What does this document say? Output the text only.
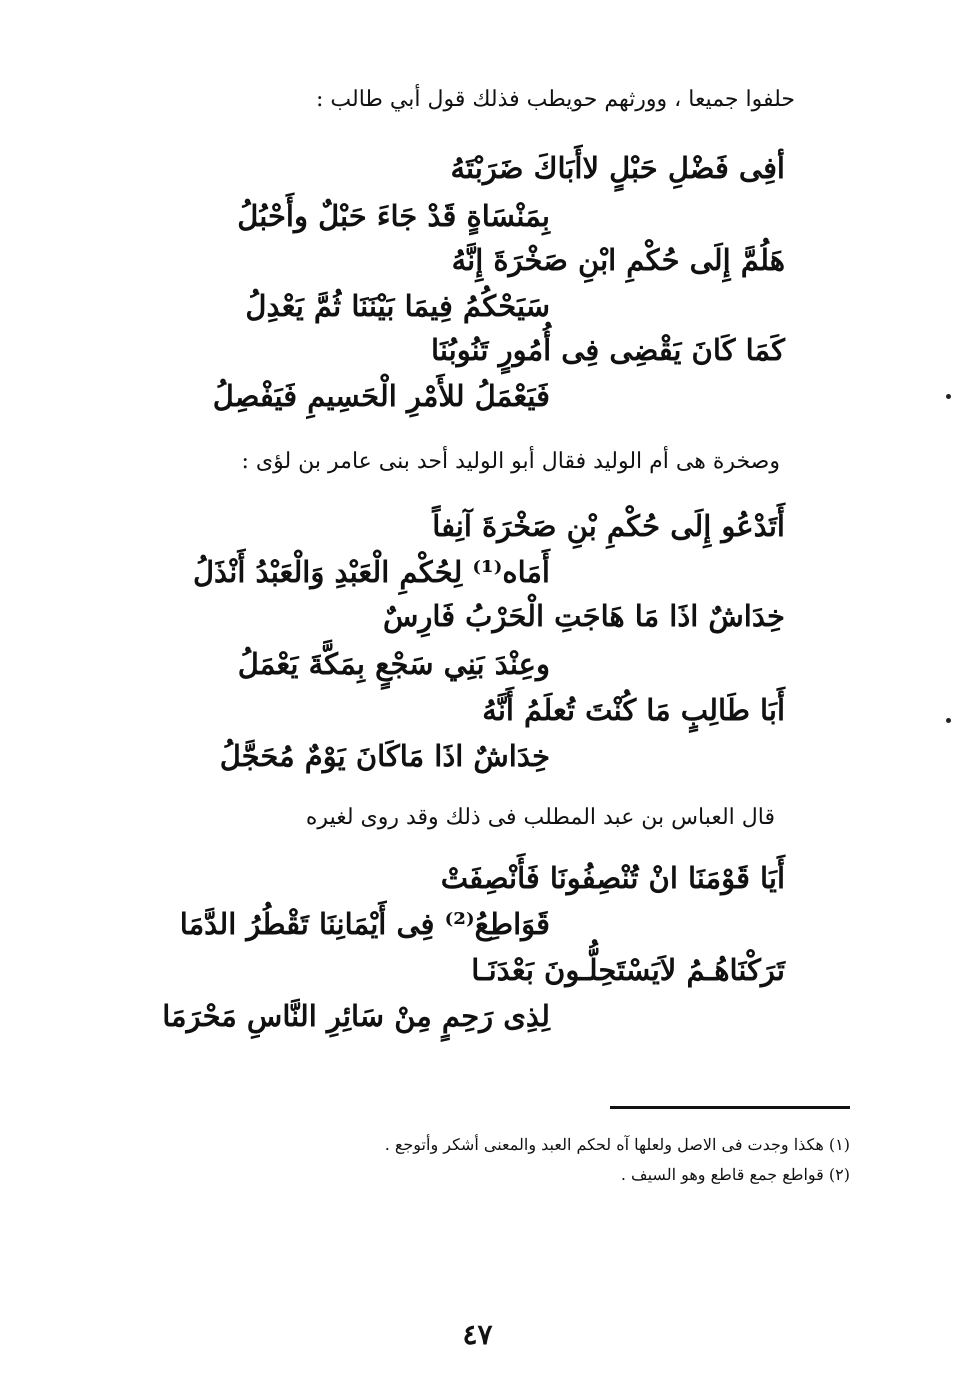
حلفوا جميعا ، وورثهم حويطب فذلك قول أبي طالب :
أفِى فَضْلِ حَبْلٍ لاأَبَاكَ ضَرَبْتَهُ
بِمَنْسَاةٍ قَدْ جَاءَ حَبْلٌ وأَحْبُلُ
هَلُمَّ إِلَى حُكْمِ ابْنِ صَخْرَةَ إِنَّهُ
سَيَحْكُمُ فِيمَا بَيْنَنَا ثُمَّ يَعْدِلُ
كَمَا كَانَ يَقْضِى فِى أُمُورٍ تَنُوبُنَا
فَيَعْمَلُ للأَمْرِ الْحَسِيمِ فَيَفْصِلُ
وصخرة هى أم الوليد فقال أبو الوليد أحد بنى عامر بن لؤى :
أَتَدْعُو إِلَى حُكْمِ بْنِ صَخْرَةَ آنِفاً
أَمَاه⁽¹⁾ لِحُكْمِ الْعَبْدِ وَالْعَبْدُ أَنْذَلُ
خِدَاشٌ اذَا مَا هَاجَتِ الْحَرْبُ فَارِسٌ
وعِنْدَ بَنِي سَجْعٍ بِمَكَّةَ يَعْمَلُ
أَبَا طَالِبٍ مَا كُنْتَ تُعلَمُ أَنَّهُ
خِدَاشٌ اذَا مَاكَانَ يَوْمٌ مُحَجَّلُ
قال العباس بن عبد المطلب فى ذلك وقد روى لغيره
أَيَا قَوْمَنَا انْ تُنْصِفُونَا فَأَنْصِفَتْ
قَوَاطِعُ⁽²⁾ فِى أَيْمَانِنَا تَقْطُرُ الدَّمَا
تَرَكْنَاهُـمُ لاَيَسْتَحِلُّـونَ بَعْدَنَـا
لِذِى رَحِمٍ مِنْ سَائِرِ النَّاسِ مَحْرَمَا
(١) هكذا وجدت فى الاصل ولعلها آه لحكم العبد والمعنى أشكر وأتوجع .
(٢) قواطع جمع قاطع وهو السيف .
٤٧
